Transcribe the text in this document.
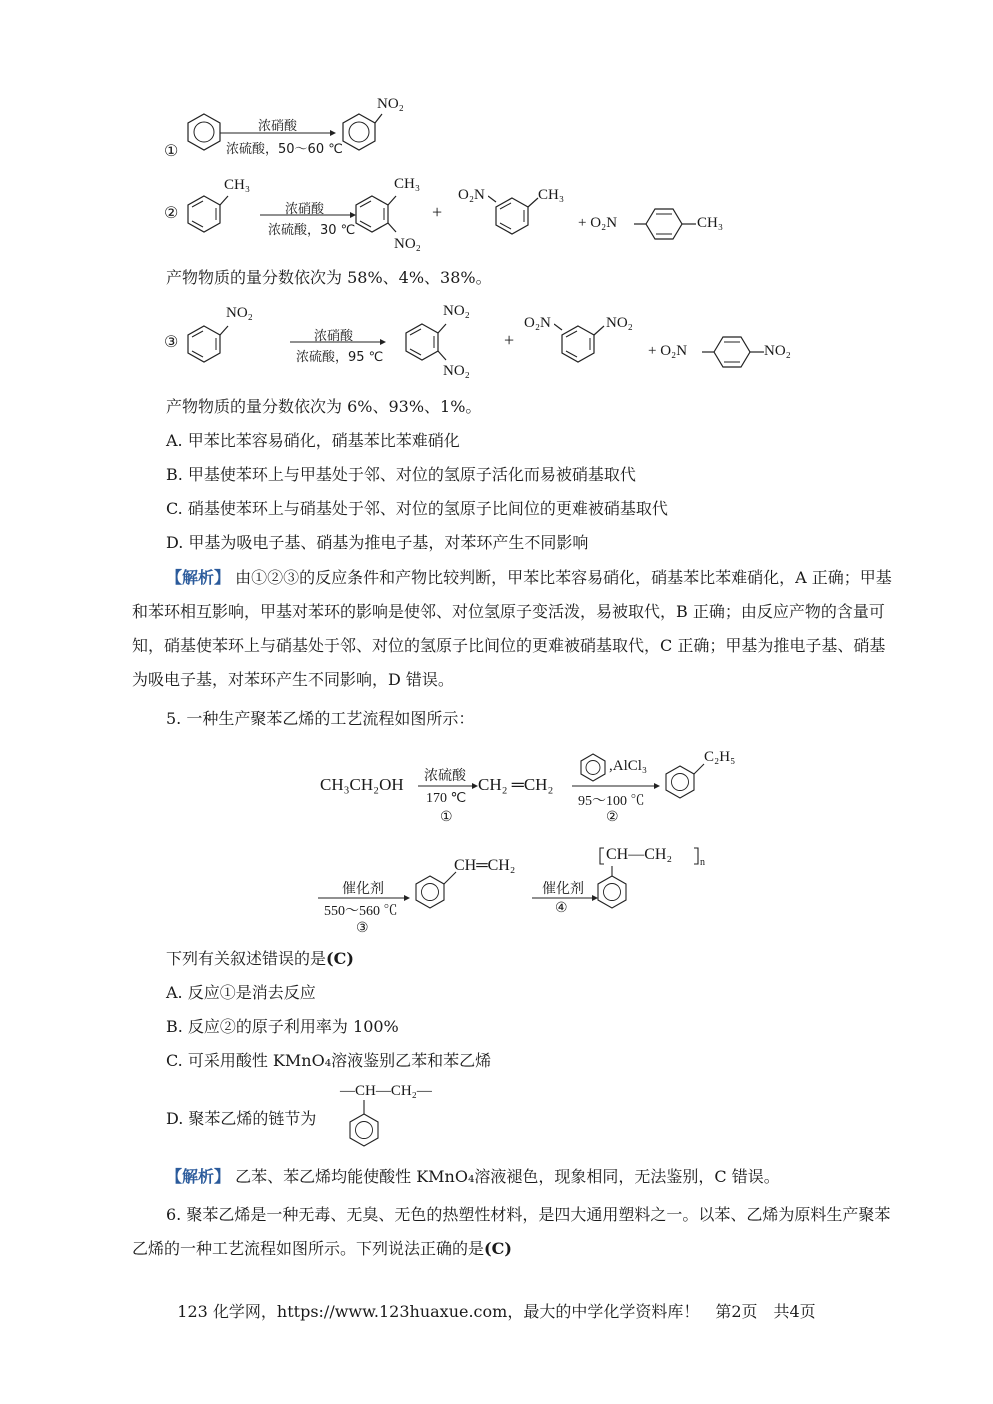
①
浓硝酸
浓硫酸，50～60 ℃
NO₂
②
CH₃
浓硝酸
浓硫酸，30 ℃
CH₃
NO₂
+
O₂N	CH₃
+ O₂N	CH₃
产物物质的量分数依次为 58%、4%、38%。
③
NO₂
浓硝酸
浓硫酸，95 ℃
NO₂
NO₂
+
O₂N	NO₂
+ O₂N	NO₂
产物物质的量分数依次为 6%、93%、1%。
A. 甲苯比苯容易硝化，硝基苯比苯难硝化
B. 甲基使苯环上与甲基处于邻、对位的氢原子活化而易被硝基取代
C. 硝基使苯环上与硝基处于邻、对位的氢原子比间位的更难被硝基取代
D. 甲基为吸电子基、硝基为推电子基，对苯环产生不同影响
【解析】 由①②③的反应条件和产物比较判断，甲苯比苯容易硝化，硝基苯比苯难硝化，A 正确；甲基和苯环相互影响，甲基对苯环的影响是使邻、对位氢原子变活泼，易被取代，B 正确；由反应产物的含量可知，硝基使苯环上与硝基处于邻、对位的氢原子比间位的更难被硝基取代，C 正确；甲基为推电子基、硝基为吸电子基，对苯环产生不同影响，D 错误。
5. 一种生产聚苯乙烯的工艺流程如图所示：
CH₃CH₂OH 浓硫酸
170 ℃
①
CH₂ ═CH₂
,AlCl₃
95～100 ℃
②
C₂H₅
催化剂
550～560 ℃
③
CH═CH₂
催化剂
④
CH—CH₂	n
下列有关叙述错误的是(C)
A. 反应①是消去反应
B. 反应②的原子利用率为 100%
C. 可采用酸性 KMnO₄溶液鉴别乙苯和苯乙烯
D. 聚苯乙烯的链节为
—CH—CH₂—
【解析】 乙苯、苯乙烯均能使酸性 KMnO₄溶液褪色，现象相同，无法鉴别，C 错误。
6. 聚苯乙烯是一种无毒、无臭、无色的热塑性材料，是四大通用塑料之一。以苯、乙烯为原料生产聚苯乙烯的一种工艺流程如图所示。下列说法正确的是(C)
123 化学网，https://www.123huaxue.com，最大的中学化学资料库！　第2页　共4页
